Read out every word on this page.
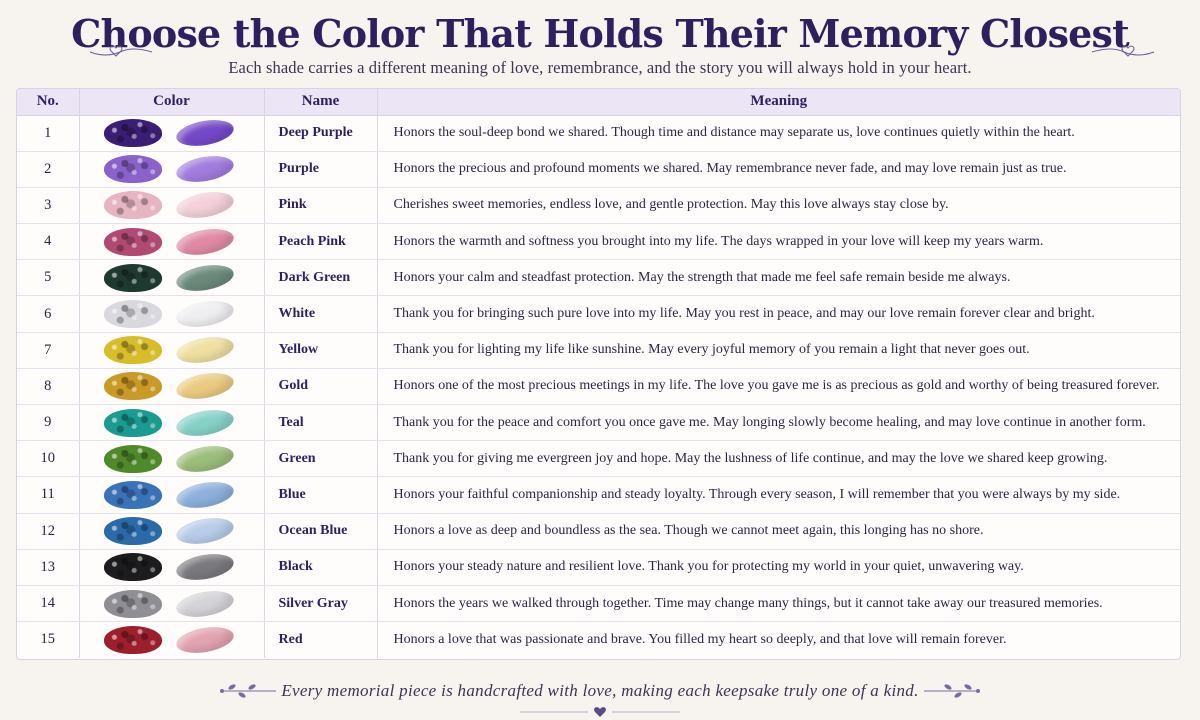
Choose the Color That Holds Their Memory Closest
Each shade carries a different meaning of love, remembrance, and the story you will always hold in your heart.
No.	Color	Name	Meaning
1		Deep Purple	Honors the soul-deep bond we shared. Though time and distance may separate us, love continues quietly within the heart.
2		Purple	Honors the precious and profound moments we shared. May remembrance never fade, and may love remain just as true.
3		Pink	Cherishes sweet memories, endless love, and gentle protection. May this love always stay close by.
4		Peach Pink	Honors the warmth and softness you brought into my life. The days wrapped in your love will keep my years warm.
5		Dark Green	Honors your calm and steadfast protection. May the strength that made me feel safe remain beside me always.
6		White	Thank you for bringing such pure love into my life. May you rest in peace, and may our love remain forever clear and bright.
7		Yellow	Thank you for lighting my life like sunshine. May every joyful memory of you remain a light that never goes out.
8		Gold	Honors one of the most precious meetings in my life. The love you gave me is as precious as gold and worthy of being treasured forever.
9		Teal	Thank you for the peace and comfort you once gave me. May longing slowly become healing, and may love continue in another form.
10		Green	Thank you for giving me evergreen joy and hope. May the lushness of life continue, and may the love we shared keep growing.
11		Blue	Honors your faithful companionship and steady loyalty. Through every season, I will remember that you were always by my side.
12		Ocean Blue	Honors a love as deep and boundless as the sea. Though we cannot meet again, this longing has no shore.
13		Black	Honors your steady nature and resilient love. Thank you for protecting my world in your quiet, unwavering way.
14		Silver Gray	Honors the years we walked through together. Time may change many things, but it cannot take away our treasured memories.
15		Red	Honors a love that was passionate and brave. You filled my heart so deeply, and that love will remain forever.
Every memorial piece is handcrafted with love, making each keepsake truly one of a kind.
